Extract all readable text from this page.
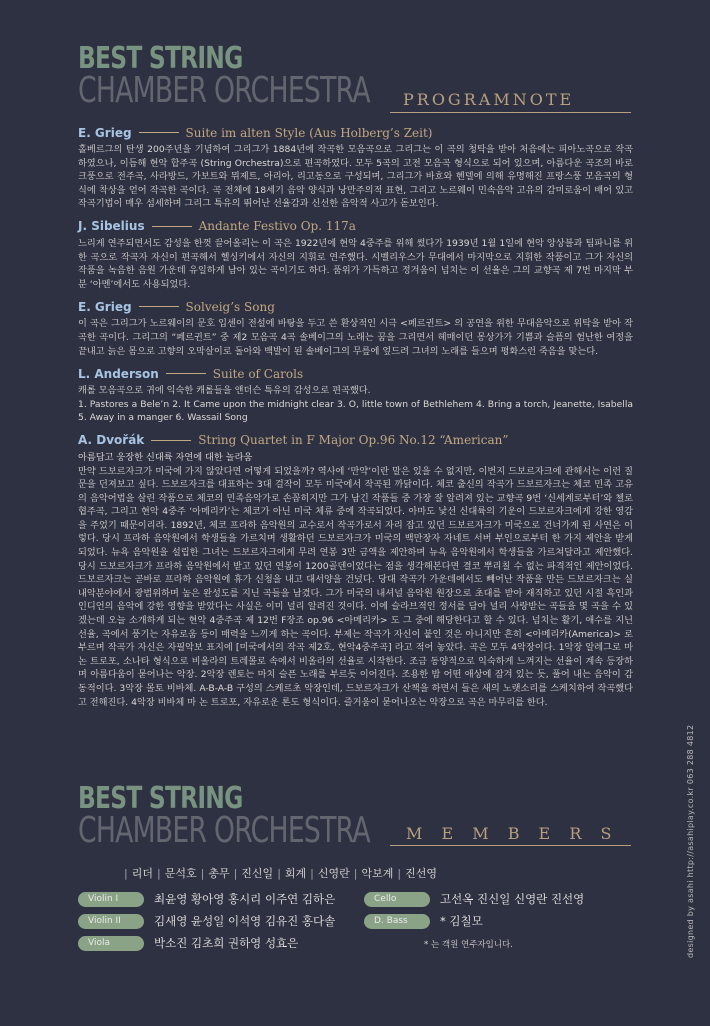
BEST STRING
CHAMBER ORCHESTRA PROGRAMNOTE
E. Grieg	Suite im alten Style (Aus Holberg’s Zeit)

홀베르그의 탄생 200주년을 기념하여 그리그가 1884년에 작곡한 모음곡으로 그리그는 이 곡의 청탁을 받아 처음에는 피아노곡으로 작곡하였으나, 이듬해 현악 합주곡 (String Orchestra)으로 편곡하였다. 모두 5곡의 고전 모음곡 형식으로 되어 있으며, 아름다운 곡조의 바로크풍으로 전주곡, 사라방드, 가보트와 뮈제트, 아리아, 리고동으로 구성되며, 그리그가 바흐와 헨델에 의해 유명해진 프랑스풍 모음곡의 형식에 착상을 얻어 작곡한 곡이다. 곡 전체에 18세기 음악 양식과 낭만주의적 표현, 그리고 노르웨이 민속음악 고유의 감미로움이 배어 있고 작곡기법이 매우 섬세하며 그리그 특유의 뛰어난 선율감과 신선한 음악적 사고가 돋보인다.

J. Sibelius	Andante Festivo Op. 117a

느리게 연주되면서도 감성을 한껏 끌어올리는 이 곡은 1922년에 현악 4중주를 위해 썼다가 1939년 1월 1일에 현악 앙상블과 팀파니를 위한 곡으로 작곡자 자신이 편곡해서 헬싱키에서 자신의 지휘로 연주했다. 시벨리우스가 무대에서 마지막으로 지휘한 작품이고 그가 자신의 작품을 녹음한 음원 가운데 유일하게 남아 있는 곡이기도 하다. 품위가 가득하고 정겨움이 넘치는 이 선율은 그의 교향곡 제 7번 마지막 부분 ‘아멘’에서도 사용되었다.

E. Grieg	Solveig’s Song

이 곡은 그리그가 노르웨이의 문호 입센이 전설에 바탕을 두고 쓴 환상적인 시극 <페르귄트> 의 공연을 위한 무대음악으로 위탁을 받아 작곡한 곡이다. 그리그의 “페르귄트” 중 제2 모음곡 4곡 솔베이그의 노래는 꿈을 그리면서 헤매이던 몽상가가 기쁨과 슬픔의 험난한 여정을 끝내고 늙은 몸으로 고향의 오막살이로 돌아와 백발이 된 솔베이그의 무릎에 엎드려 그녀의 노래를 들으며 평화스런 죽음을 맞는다.

L. Anderson	Suite of Carols

캐롤 모음곡으로 귀에 익숙한 캐롤들을 앤더슨 특유의 감성으로 편곡했다.

1. Pastores a Bele’n 2. It Came upon the midnight clear 3. O, little town of Bethlehem 4. Bring a torch, Jeanette, Isabella 5. Away in a manger 6. Wassail Song

A. Dvořák	String Quartet in F Major Op.96 No.12 “American”
아름답고 웅장한 신대륙 자연에 대한 놀라움

만약 드보르자크가 미국에 가지 않았다면 어떻게 되었을까? 역사에 ‘만약’이란 말은 있을 수 없지만, 이번지 드보르자크에 관해서는 이런 질문을 던져보고 싶다. 드보르자크를 대표하는 3대 걸작이 모두 미국에서 작곡된 까닭이다. 체코 출신의 작곡가 드보르자크는 체코 민족 고유의 음악어법을 살린 작품으로 체코의 민족음악가로 손꼽히지만 그가 남긴 작품들 중 가장 잘 알려져 있는 교향곡 9번 ‘신세계로부터’와 첼로 협주곡, 그리고 현악 4중주 ‘아메리카’는 체코가 아닌 미국 체류 중에 작곡되었다. 아마도 낯선 신대륙의 기운이 드보르자크에게 강한 영감을 주었기 때문이리라. 1892년, 체코 프라하 음악원의 교수로서 작곡가로서 자리 잡고 있던 드보르자크가 미국으로 건너가게 된 사연은 이렇다. 당시 프라하 음악원에서 학생들을 가르치며 생활하던 드보르자크가 미국의 백만장자 자네트 서버 부인으로부터 한 가지 제안을 받게 되었다. 뉴욕 음악원을 설립한 그녀는 드보르자크에게 무려 연봉 3만 금액을 제안하며 뉴욕 음악원에서 학생들을 가르쳐달라고 제안했다. 당시 드보르자크가 프라하 음악원에서 받고 있던 연봉이 1200골덴이었다는 점을 생각해본다면 결코 뿌리칠 수 없는 파격적인 제안이었다. 드보르자크는 곧바로 프라하 음악원에 휴가 신청을 내고 대서양을 건넜다. 당대 작곡가 가운데에서도 빼어난 작품을 만든 드보르자크는 실내악분야에서 광범위하며 높은 완성도를 지닌 곡들을 남겼다. 그가 미국의 내셔널 음악원 원장으로 초대를 받아 재직하고 있던 시절 흑인과 인디언의 음악에 강한 영향을 받았다는 사실은 이미 널리 알려진 것이다. 이에 슬라브적인 정서를 담아 널리 사랑받는 곡들을 몇 곡을 수 있겠는데 오늘 소개하게 되는 현악 4중주곡 제 12번 F장조 op.96 <아메리카> 도 그 중에 해당한다고 할 수 있다. 넘치는 활기, 애수를 지닌 선율, 곡에서 풍기는 자유로움 등이 매력을 느끼게 하는 곡이다. 부제는 작곡가 자신이 붙인 것은 아니지만 흔히 <아메리카(America)> 로 부르며 작곡가 자신은 자필악보 표지에 [미국에서의 작곡 제2호, 현악4중주곡] 라고 적어 놓았다. 곡은 모두 4악장이다. 1악장 알레그로 마 논 트로포, 소나타 형식으로 비올라의 트레몰로 속에서 비올라의 선율로 시작한다. 조금 동양적으로 익숙하게 느껴지는 선율이 계속 등장하며 아름다움이 묻어나는 악장. 2악장 렌토는 마치 슬픈 노래를 부르듯 이어진다. 조용한 밤 어떤 애상에 잠겨 있는 듯, 풀어 내는 음악이 감동적이다. 3악장 몰토 비바체. A-B-A-B 구성의 스케르초 악장인데, 드보르자크가 산책을 하면서 들은 새의 노랫소리를 스케치하여 작곡했다고 전해진다. 4악장 비바체 마 논 트로포, 자유로운 론도 형식이다. 즐거움이 묻어나오는 악장으로 곡은 마무리를 한다.

BEST STRING
CHAMBER ORCHESTRA M E M B E R S
| 리더 | 문석호 | 총무 | 진신일 | 회계 | 신영란 | 악보계 | 진선영
Violin I	최윤영 황아영 홍시리 이주연 김하은
Violin II	김새영 윤성일 이석영 김유진 홍다솔
Viola	박소진 김초희 권하영 성효은
Cello	고선옥 진신일 신영란 진선영
D. Bass	* 김칠모
* 는 객원 연주자입니다.	designed by asahi http://asahiplay.co.kr 063 288 4812
